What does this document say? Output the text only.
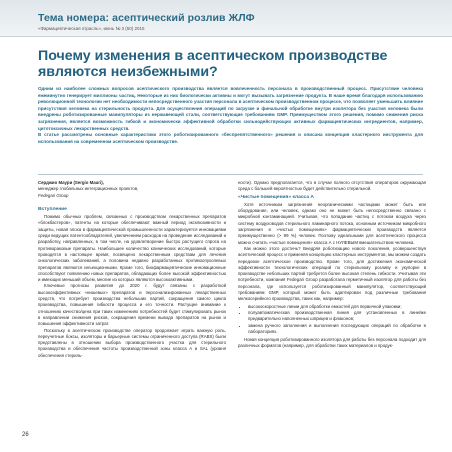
Тема номера: асептический розлив ЖЛФ
«Фармацевтическая отрасль», июнь № 3 (50) 2015
Почему изменения в асептическом производстве являются неизбежными?
Одним из наиболее сложных вопросов асептического производства является вовлеченность персонала в производственный процесс. Присутствие человека ежеминутно генерирует миллионы частиц. Некоторые из них биологически активны и могут вызывать загрязнение продукта. В наше время благодаря использованию революционной технологии нет необходимости непосредственного участия персонала в асептическом производственном процессе, что позволяет уменьшить влияние присутствия человека на стерильность продукта. Для осуществления операций по загрузке и финальной обработке внутри изолятора без участия человека были внедрены роботизированные манипуляторы из нержавеющей стали, соответствующие требованиям GMP. Преимуществом этого решения, помимо снижения риска загрязнения, является возможность гибкой и экономически эффективной обработки сильнодействующих активных фармацевтических ингредиентов, например, цитотоксичных лекарственных средств.
В статье рассмотрены основные характеристики этого роботизированного «беспрепятственного» решения и описана концепция кластерного инструмента для использования на современном асептическом производстве.
Серджио Маури (Sergio Mauri),
менеджер глобальных интеграционных проектов,
Fedegari Group
Вступление

Помимо обычных проблем, связанных с производством лекарственных препаратов «блокбастеров», патенты на которые обеспечивают важный период эксклюзивности и защиты, новая эпоха в фармацевтической промышленности характеризуется инновациями среди ведущих патентообладателей, увеличением расходов на проведение исследований и разработку, направленных, в том числе, на удовлетворение быстро растущего спроса на противораковые препараты. Наибольшее количество клинических исследований, которые проводятся в настоящее время, посвящено лекарственным средствам для лечения онкологических заболеваний, а половина недавно разработанных противоопухолевых препаратов являются инъекционными. Кроме того, биофармацевтические инновационные способствуют появлению новых препаратов, обладающих более высокой эффективностью и имеющих меньший объем, многие из которых являются высокоактивными.

Ключевые прогнозы развития до 2020 г. будут связаны с разработкой высокоэффективных «нишевых» препаратов и персонализированных лекарственных средств, что потребует производства небольших партий, сокращения самого цикла производства, повышения гибкости процесса и его точности. Растущее внимание к отношению качество/цена при таких изменениях потребностей будет стимулировать рынок в направлении снижения рисков, сокращения времени вывода препаратов на рынок и повышения эффективности затрат.

Поскольку в асептическом производстве оператор продолжает играть важную роль, переучетные боксы, изоляторы и барьерные системы ограниченного доступа (RABS) были представлены в отношении выбора производственного участка для стерильного производства и обеспечения частоты производственной зоны класса А и SAL (уровня обеспечения стериль-

ности). Однако предполагается, что в случае полного отсутствия операторов окружающая среда с большей вероятностью будет действительно стерильной.

«Чистые помещения» класса А

Хотя источником загрязнения неорганическими частицами может быть или оборудование, или человек, однако оно не может быть непосредственно связано с микробной контаминацией. Учитывая, что попадание частиц с потоком воздуха через систему воздуховодов стерильного ламинарного потока, основным источником микробного загрязнения в «чистых помещениях» фармацевтических производств является преимущественно (> 99 %) человек. Поэтому идеальными для асептического процесса можно считать «чистые помещения» класса А с НУЛЕВЫМ вмешательством человека.

Как можно этого достичь? Внедряя роботизацию нового поколения, усовершенствуя асептический процесс и применяя концепцию кластерных инструментов, мы можем создать передовое асептическое производство. Кроме того, для достижения экономической эффективности технологических операций по стерильному розливу и укупорке в производстве небольших партий требуется более высокая степень гибкости. Учитывая эти потребности, компания Fedegari Group разработала герметичный изолятор для работы без персонала, где используется роботизированный манипулятор, соответствующий требованиям GMP, который может быть адаптирован под различные требования мелкосерийного производства, таких как, например:

• высокоскоростные линии для обработки емкостей для первичной упаковки;
• полуавтоматическая производственная линия для установленных в линейке предварительно наполненных шприцев и флаконов;
• замена ручного заполнения и выполнения последующих операций по обработке в лабораториях.

Новая концепция роботизированного изолятора для работы без персонала подходит для различных форматов (например, для обработки таких материалов и продук-

26
